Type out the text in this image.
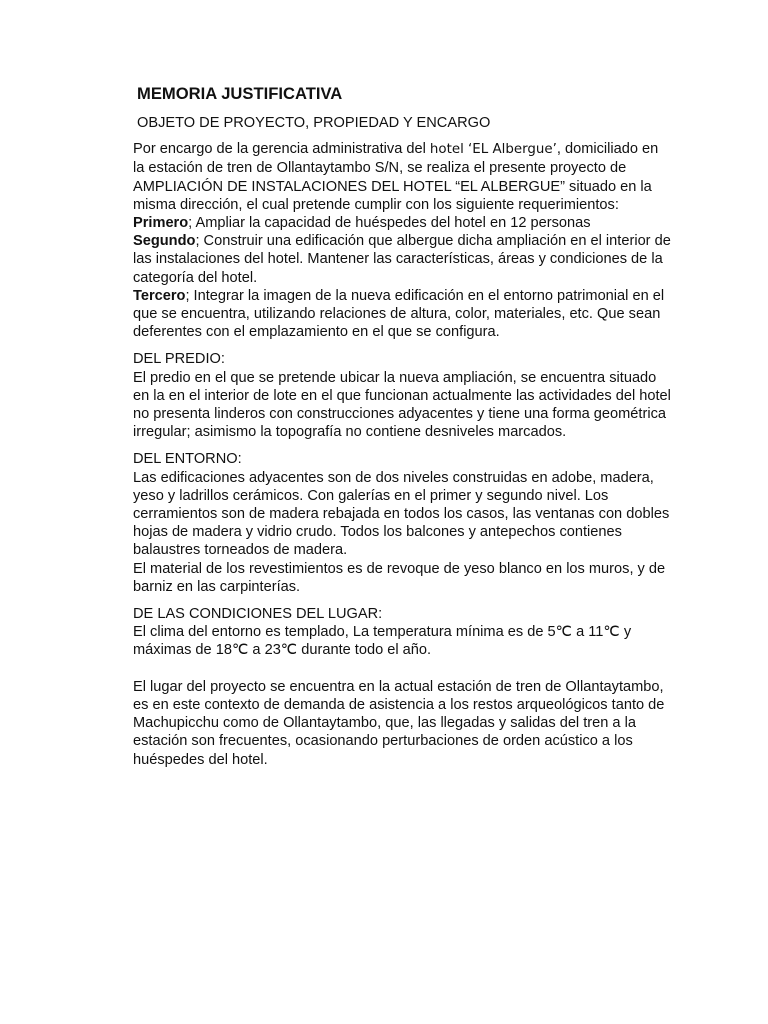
MEMORIA JUSTIFICATIVA
OBJETO DE PROYECTO, PROPIEDAD Y ENCARGO

Por encargo de la gerencia administrativa del hotel ‘EL Albergue’, domiciliado en la estación de tren de Ollantaytambo S/N, se realiza el presente proyecto de AMPLIACIÓN DE INSTALACIONES DEL HOTEL “EL ALBERGUE” situado en la misma dirección, el cual pretende cumplir con los siguiente requerimientos:

Primero; Ampliar la capacidad de huéspedes del hotel en 12 personas

Segundo; Construir una edificación que albergue dicha ampliación en el interior de las instalaciones del hotel. Mantener las características, áreas y condiciones de la categoría del hotel.

Tercero; Integrar la imagen de la nueva edificación en el entorno patrimonial en el que se encuentra, utilizando relaciones de altura, color, materiales, etc. Que sean deferentes con el emplazamiento en el que se configura.

DEL PREDIO:

El predio en el que se pretende ubicar la nueva ampliación, se encuentra situado en la en el interior de lote en el que funcionan actualmente las actividades del hotel no presenta linderos con construcciones adyacentes y tiene una forma geométrica irregular; asimismo la topografía no contiene desniveles marcados.

DEL ENTORNO:

Las edificaciones adyacentes son de dos niveles construidas en adobe, madera, yeso y ladrillos cerámicos. Con galerías en el primer y segundo nivel. Los cerramientos son de madera rebajada en todos los casos, las ventanas con dobles hojas de madera y vidrio crudo. Todos los balcones y antepechos contienes balaustres torneados de madera.

El material de los revestimientos es de revoque de yeso blanco en los muros, y de barniz en las carpinterías.

DE LAS CONDICIONES DEL LUGAR:

El clima del entorno es templado, La temperatura mínima es de 5℃ a 11℃ y máximas de 18℃ a 23℃ durante todo el año.

El lugar del proyecto se encuentra en la actual estación de tren de Ollantaytambo, es en este contexto de demanda de asistencia a los restos arqueológicos tanto de Machupicchu como de Ollantaytambo, que, las llegadas y salidas del tren a la estación son frecuentes, ocasionando perturbaciones de orden acústico a los huéspedes del hotel.
